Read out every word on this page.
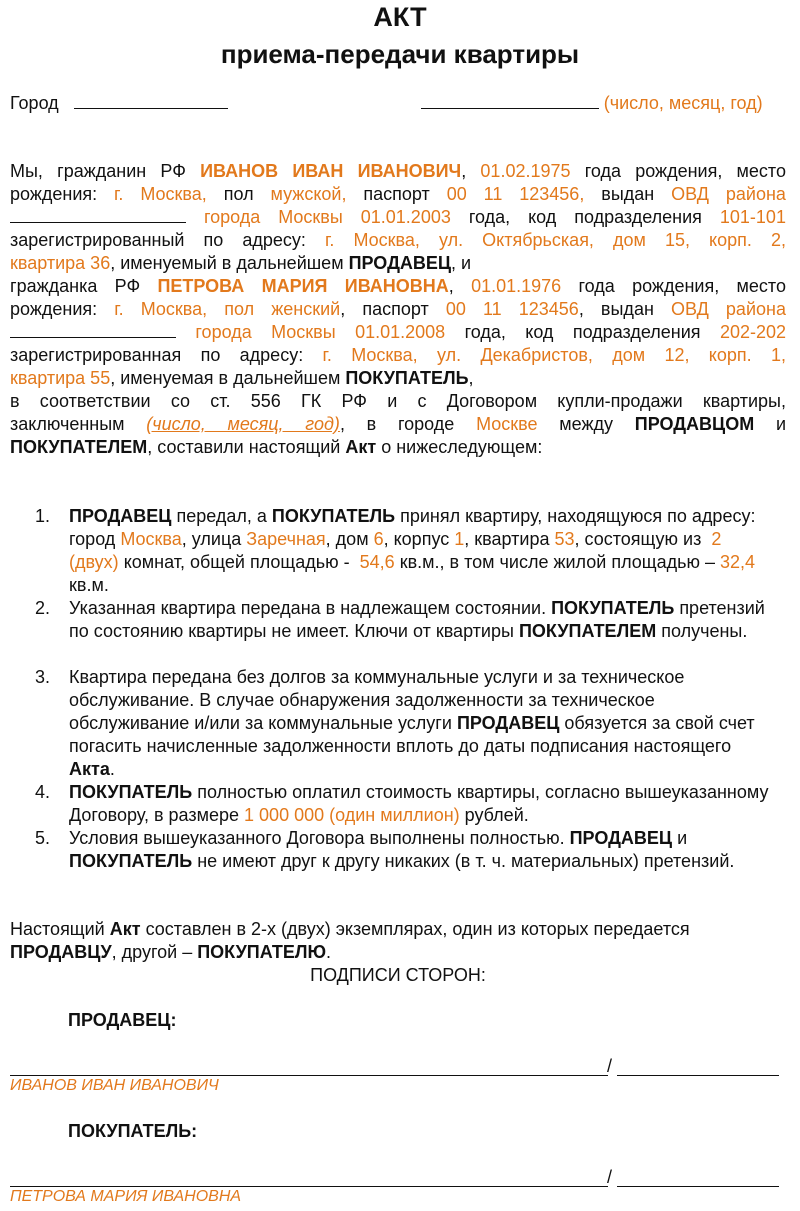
АКТ
приема-передачи квартиры
Город	(число, месяц, год)
Мы, гражданин РФ ИВАНОВ ИВАН ИВАНОВИЧ, 01.02.1975 года рождения, место
рождения: г. Москва, пол мужской, паспорт 00 11 123456, выдан ОВД района
города Москвы 01.01.2003 года, код подразделения 101-101
зарегистрированный по адресу: г. Москва, ул. Октябрьская, дом 15, корп. 2,
квартира 36, именуемый в дальнейшем ПРОДАВЕЦ, и
гражданка РФ ПЕТРОВА МАРИЯ ИВАНОВНА, 01.01.1976 года рождения, место
рождения: г. Москва, пол женский, паспорт 00 11 123456, выдан ОВД района
города Москвы 01.01.2008 года, код подразделения 202-202
зарегистрированная по адресу: г. Москва, ул. Декабристов, дом 12, корп. 1,
квартира 55, именуемая в дальнейшем ПОКУПАТЕЛЬ,
в соответствии со ст. 556 ГК РФ и с Договором купли-продажи квартиры,
заключенным (число, месяц, год), в городе Москве между ПРОДАВЦОМ и
ПОКУПАТЕЛЕМ, составили настоящий Акт о нижеследующем:
1.	ПРОДАВЕЦ передал, а ПОКУПАТЕЛЬ принял квартиру, находящуюся по адресу: город Москва, улица Заречная, дом 6, корпус 1, квартира 53, состоящую из 2 (двух) комнат, общей площадью - 54,6 кв.м., в том числе жилой площадью – 32,4 кв.м.
2.	Указанная квартира передана в надлежащем состоянии. ПОКУПАТЕЛЬ претензий по состоянию квартиры не имеет. Ключи от квартиры ПОКУПАТЕЛЕМ получены.
3.	Квартира передана без долгов за коммунальные услуги и за техническое обслуживание. В случае обнаружения задолженности за техническое обслуживание и/или за коммунальные услуги ПРОДАВЕЦ обязуется за свой счет погасить начисленные задолженности вплоть до даты подписания настоящего Акта.
4.	ПОКУПАТЕЛЬ полностью оплатил стоимость квартиры, согласно вышеуказанному Договору, в размере 1 000 000 (один миллион) рублей.
5.	Условия вышеуказанного Договора выполнены полностью. ПРОДАВЕЦ и ПОКУПАТЕЛЬ не имеют друг к другу никаких (в т. ч. материальных) претензий.
Настоящий Акт составлен в 2-х (двух) экземплярах, один из которых передается ПРОДАВЦУ, другой – ПОКУПАТЕЛЮ.
ПОДПИСИ СТОРОН:
ПРОДАВЕЦ:
/
ИВАНОВ ИВАН ИВАНОВИЧ
ПОКУПАТЕЛЬ:
/
ПЕТРОВА МАРИЯ ИВАНОВНА
